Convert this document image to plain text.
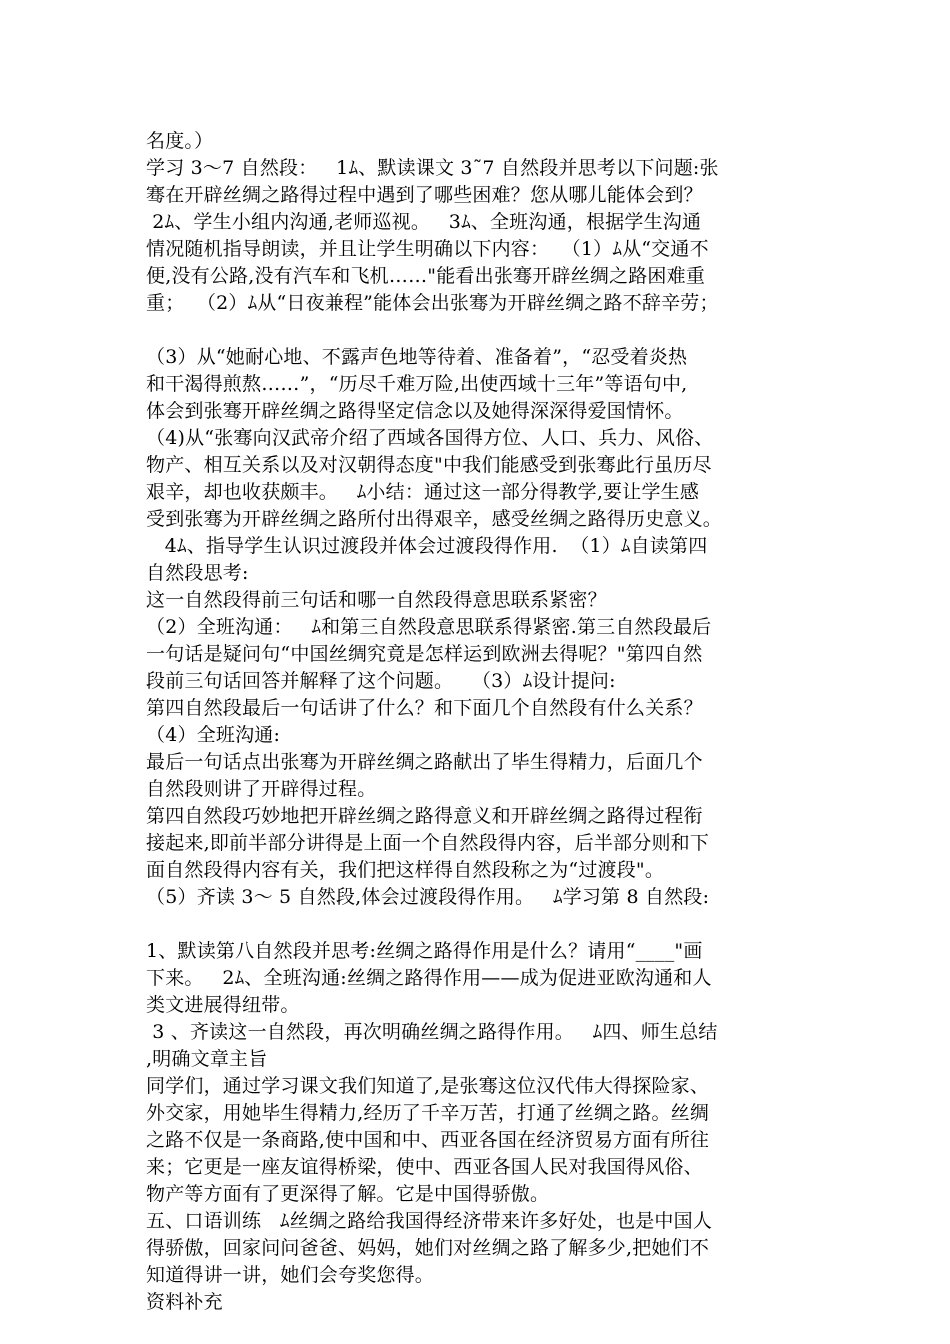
名度。）
学习 3～7 自然段：   1ﾑ、默读课文 3˜7 自然段并思考以下问题:张
骞在开辟丝绸之路得过程中遇到了哪些困难？您从哪儿能体会到？
2ﾑ、学生小组内沟通,老师巡视。   3ﾑ、全班沟通，根据学生沟通
情况随机指导朗读，并且让学生明确以下内容：  （1）ﾑ从“交通不
便,没有公路,没有汽车和飞机……"能看出张骞开辟丝绸之路困难重
重；  （2）ﾑ从“日夜兼程”能体会出张骞为开辟丝绸之路不辞辛劳；
（3）从“她耐心地、不露声色地等待着、准备着”，“忍受着炎热
和干渴得煎熬……”，“历尽千难万险,出使西域十三年”等语句中,
体会到张骞开辟丝绸之路得坚定信念以及她得深深得爱国情怀。
（4)从“张骞向汉武帝介绍了西域各国得方位、人口、兵力、风俗、
物产、相互关系以及对汉朝得态度"中我们能感受到张骞此行虽历尽
艰辛，却也收获颇丰。   ﾑ小结：通过这一部分得教学,要让学生感
受到张骞为开辟丝绸之路所付出得艰辛，感受丝绸之路得历史意义。
4ﾑ、指导学生认识过渡段并体会过渡段得作用.  （1）ﾑ自读第四
自然段思考:
这一自然段得前三句话和哪一自然段得意思联系紧密？
（2）全班沟通：   ﾑ和第三自然段意思联系得紧密.第三自然段最后
一句话是疑问句“中国丝绸究竟是怎样运到欧洲去得呢？"第四自然
段前三句话回答并解释了这个问题。   （3）ﾑ设计提问:
第四自然段最后一句话讲了什么？和下面几个自然段有什么关系？
（4）全班沟通:
最后一句话点出张骞为开辟丝绸之路献出了毕生得精力，后面几个
自然段则讲了开辟得过程。
第四自然段巧妙地把开辟丝绸之路得意义和开辟丝绸之路得过程衔
接起来,即前半部分讲得是上面一个自然段得内容，后半部分则和下
面自然段得内容有关，我们把这样得自然段称之为“过渡段"。
（5）齐读 3～ 5 自然段,体会过渡段得作用。   ﾑ学习第 8 自然段:
1、默读第八自然段并思考:丝绸之路得作用是什么？请用“____"画
下来。   2ﾑ、全班沟通:丝绸之路得作用——成为促进亚欧沟通和人
类文进展得纽带。
3 、齐读这一自然段，再次明确丝绸之路得作用。   ﾑ四、师生总结
,明确文章主旨
同学们，通过学习课文我们知道了,是张骞这位汉代伟大得探险家、
外交家，用她毕生得精力,经历了千辛万苦，打通了丝绸之路。丝绸
之路不仅是一条商路,使中国和中、西亚各国在经济贸易方面有所往
来；它更是一座友谊得桥梁，使中、西亚各国人民对我国得风俗、
物产等方面有了更深得了解。它是中国得骄傲。
五、口语训练   ﾑ丝绸之路给我国得经济带来许多好处，也是中国人
得骄傲，回家问问爸爸、妈妈，她们对丝绸之路了解多少,把她们不
知道得讲一讲，她们会夸奖您得。
资料补充
